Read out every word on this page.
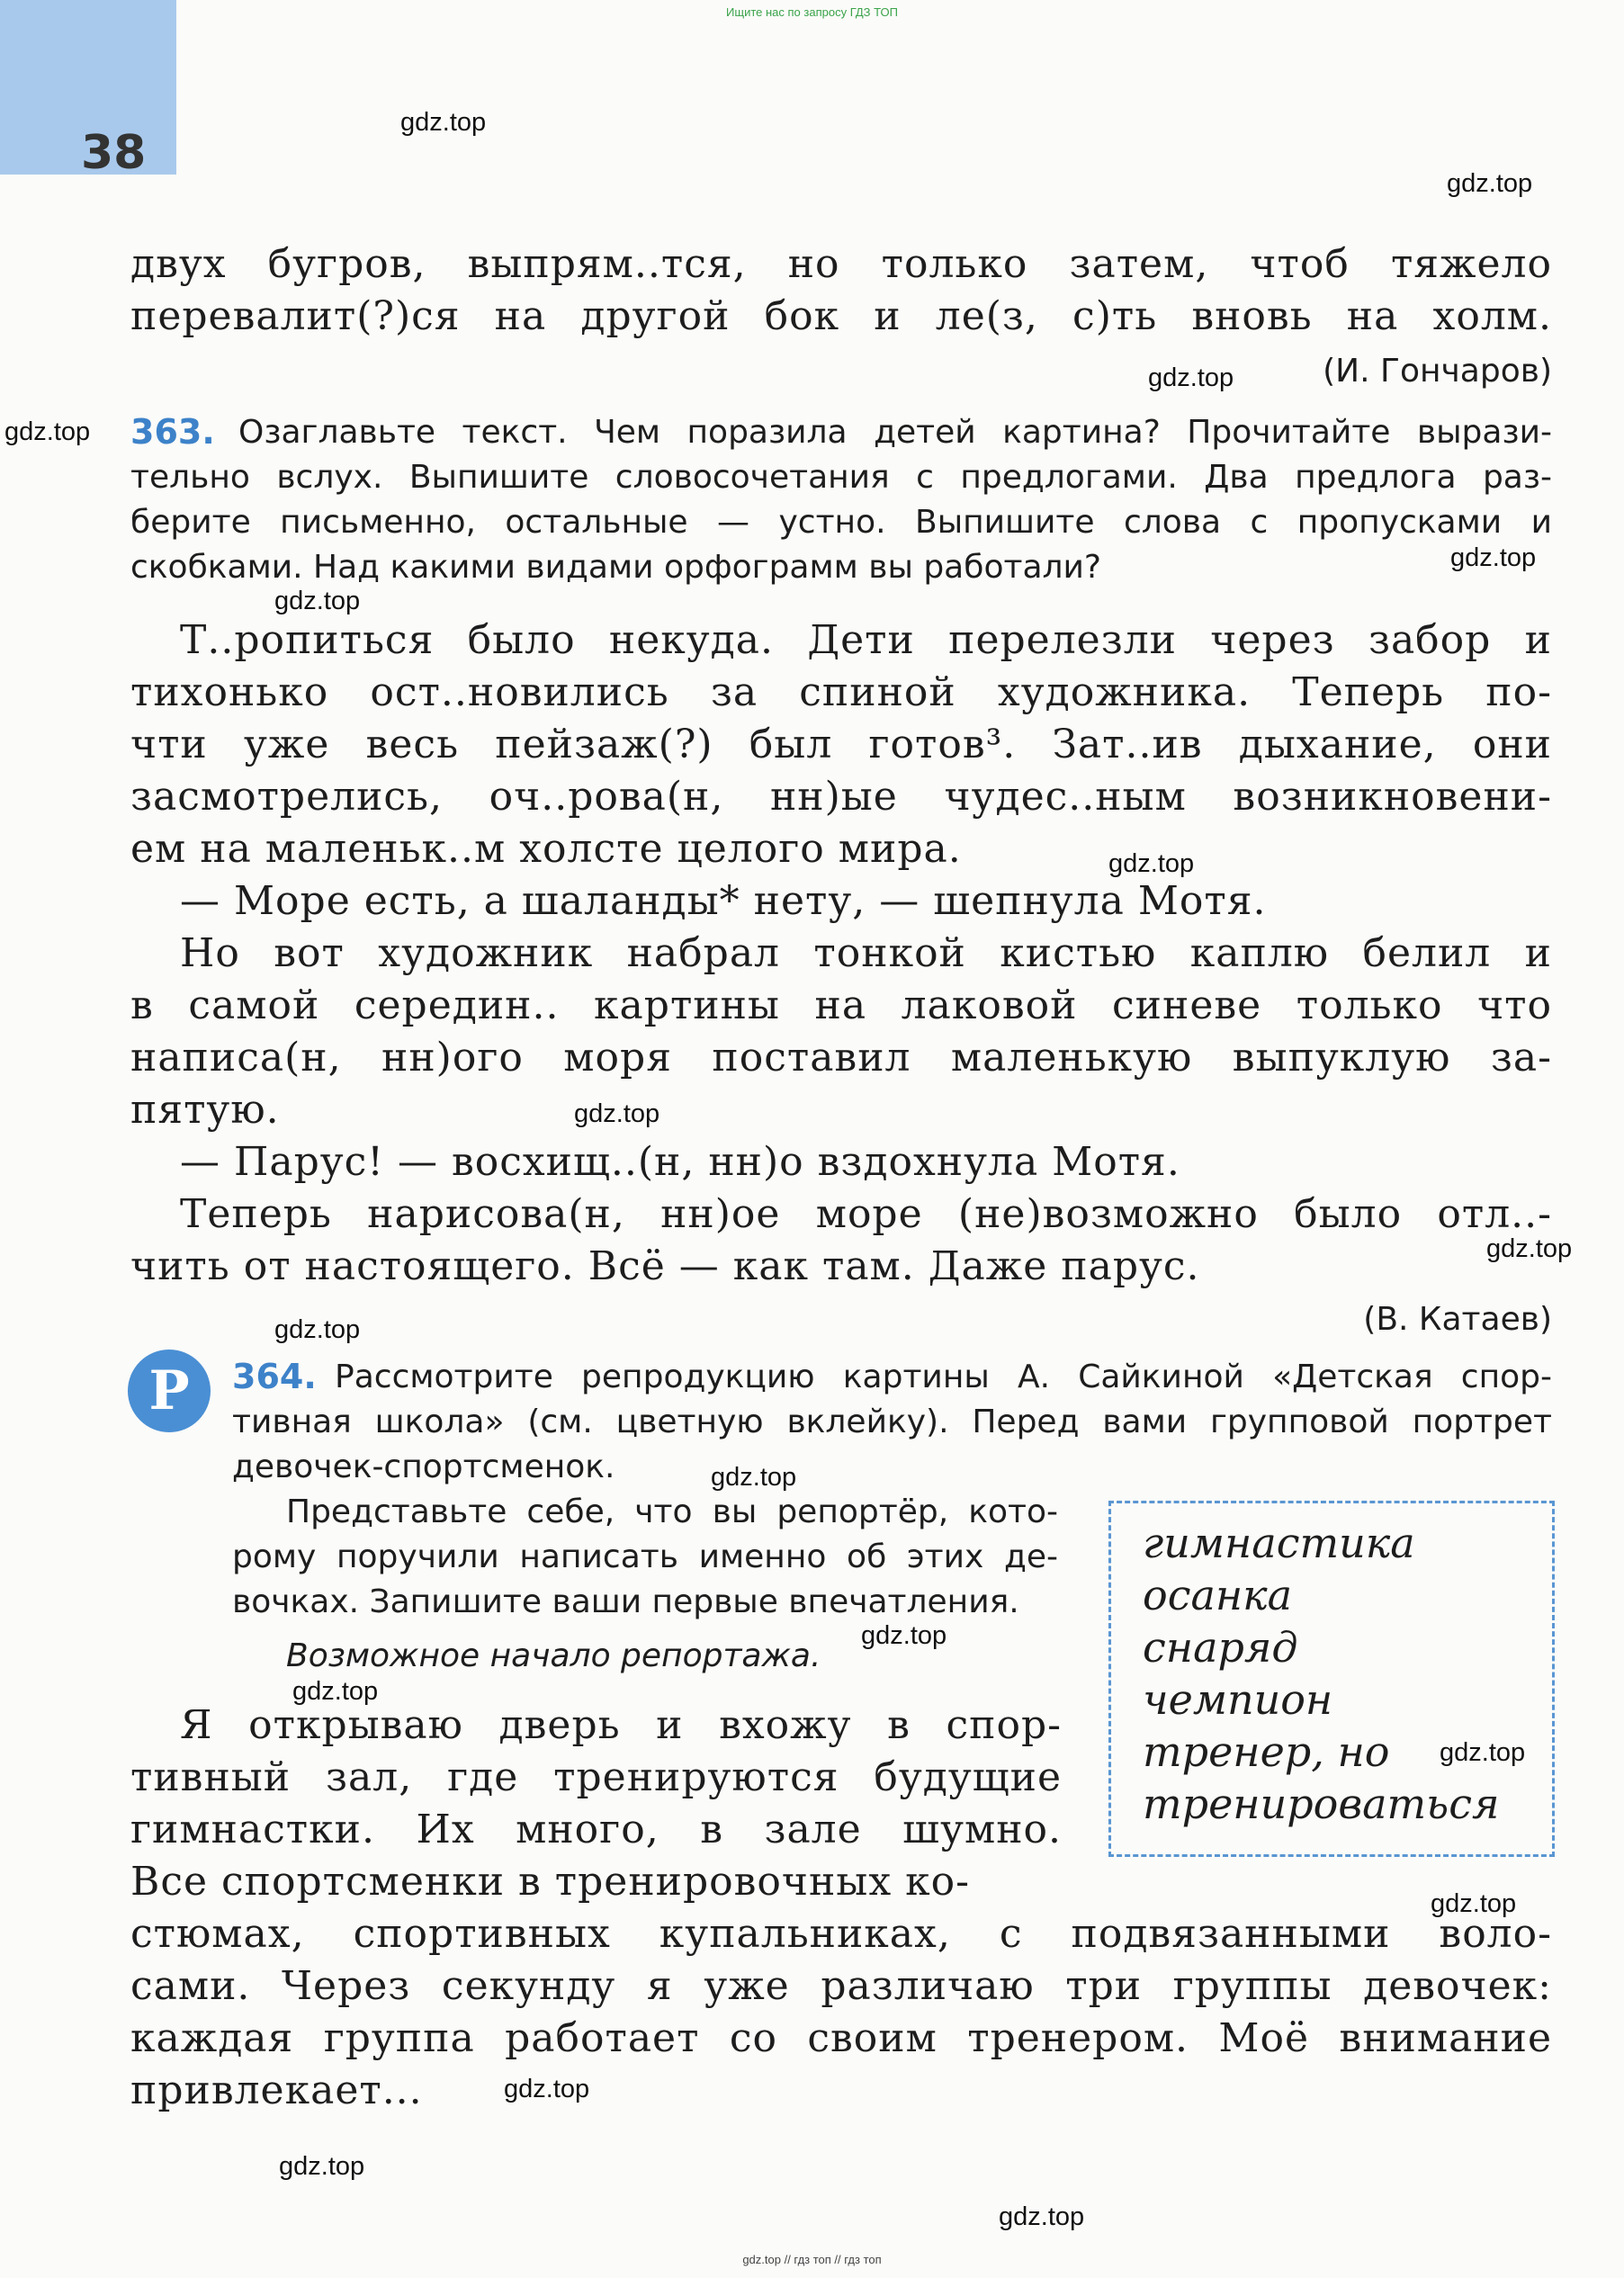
Ищите нас по запросу ГДЗ ТОП
38
gdz.top
gdz.top
gdz.top
gdz.top
gdz.top
gdz.top
gdz.top
gdz.top
gdz.top
gdz.top
gdz.top
gdz.top
gdz.top
gdz.top
gdz.top
gdz.top
gdz.top
gdz.top
двух бугров, выпрям..тся, но только затем, чтоб тяжело
перевалит(?)ся на другой бок и ле(з, с)ть вновь на холм.
(И. Гончаров)
363. Озаглавьте текст. Чем поразила детей картина? Прочитайте вырази-
тельно вслух. Выпишите словосочетания с предлогами. Два предлога раз-
берите письменно, остальные — устно. Выпишите слова с пропусками и
скобками. Над какими видами орфограмм вы работали?
Т..ропиться было некуда. Дети перелезли через забор и
тихонько ост..новились за спиной художника. Теперь по-
чти уже весь пейзаж(?) был готов³. Зат..ив дыхание, они
засмотрелись, оч..рова(н, нн)ые чудес..ным возникновени-
ем на маленьк..м холсте целого мира.
— Море есть, а шаланды* нету, — шепнула Мотя.
Но вот художник набрал тонкой кистью каплю белил и
в самой середин.. картины на лаковой синеве только что
написа(н, нн)ого моря поставил маленькую выпуклую за-
пятую.
— Парус! — восхищ..(н, нн)о вздохнула Мотя.
Теперь нарисова(н, нн)ое море (не)возможно было отл..-
чить от настоящего. Всё — как там. Даже парус.
(В. Катаев)
Р	364. Рассмотрите репродукцию картины А. Сайкиной «Детская спор-
тивная школа» (см. цветную вклейку). Перед вами групповой портрет
девочек-спортсменок.
Представьте себе, что вы репортёр, кото-
рому поручили написать именно об этих де-
вочках. Запишите ваши первые впечатления.
Возможное начало репортажа.
гимнастика
осанка
снаряд
чемпион
тренер, но
тренироваться
Я открываю дверь и вхожу в спор-
тивный зал, где тренируются будущие
гимнастки. Их много, в зале шумно.
Все спортсменки в тренировочных ко-
стюмах, спортивных купальниках, с подвязанными воло-
сами. Через секунду я уже различаю три группы девочек:
каждая группа работает со своим тренером. Моё внимание
привлекает...
gdz.top // гдз топ // гдз топ
